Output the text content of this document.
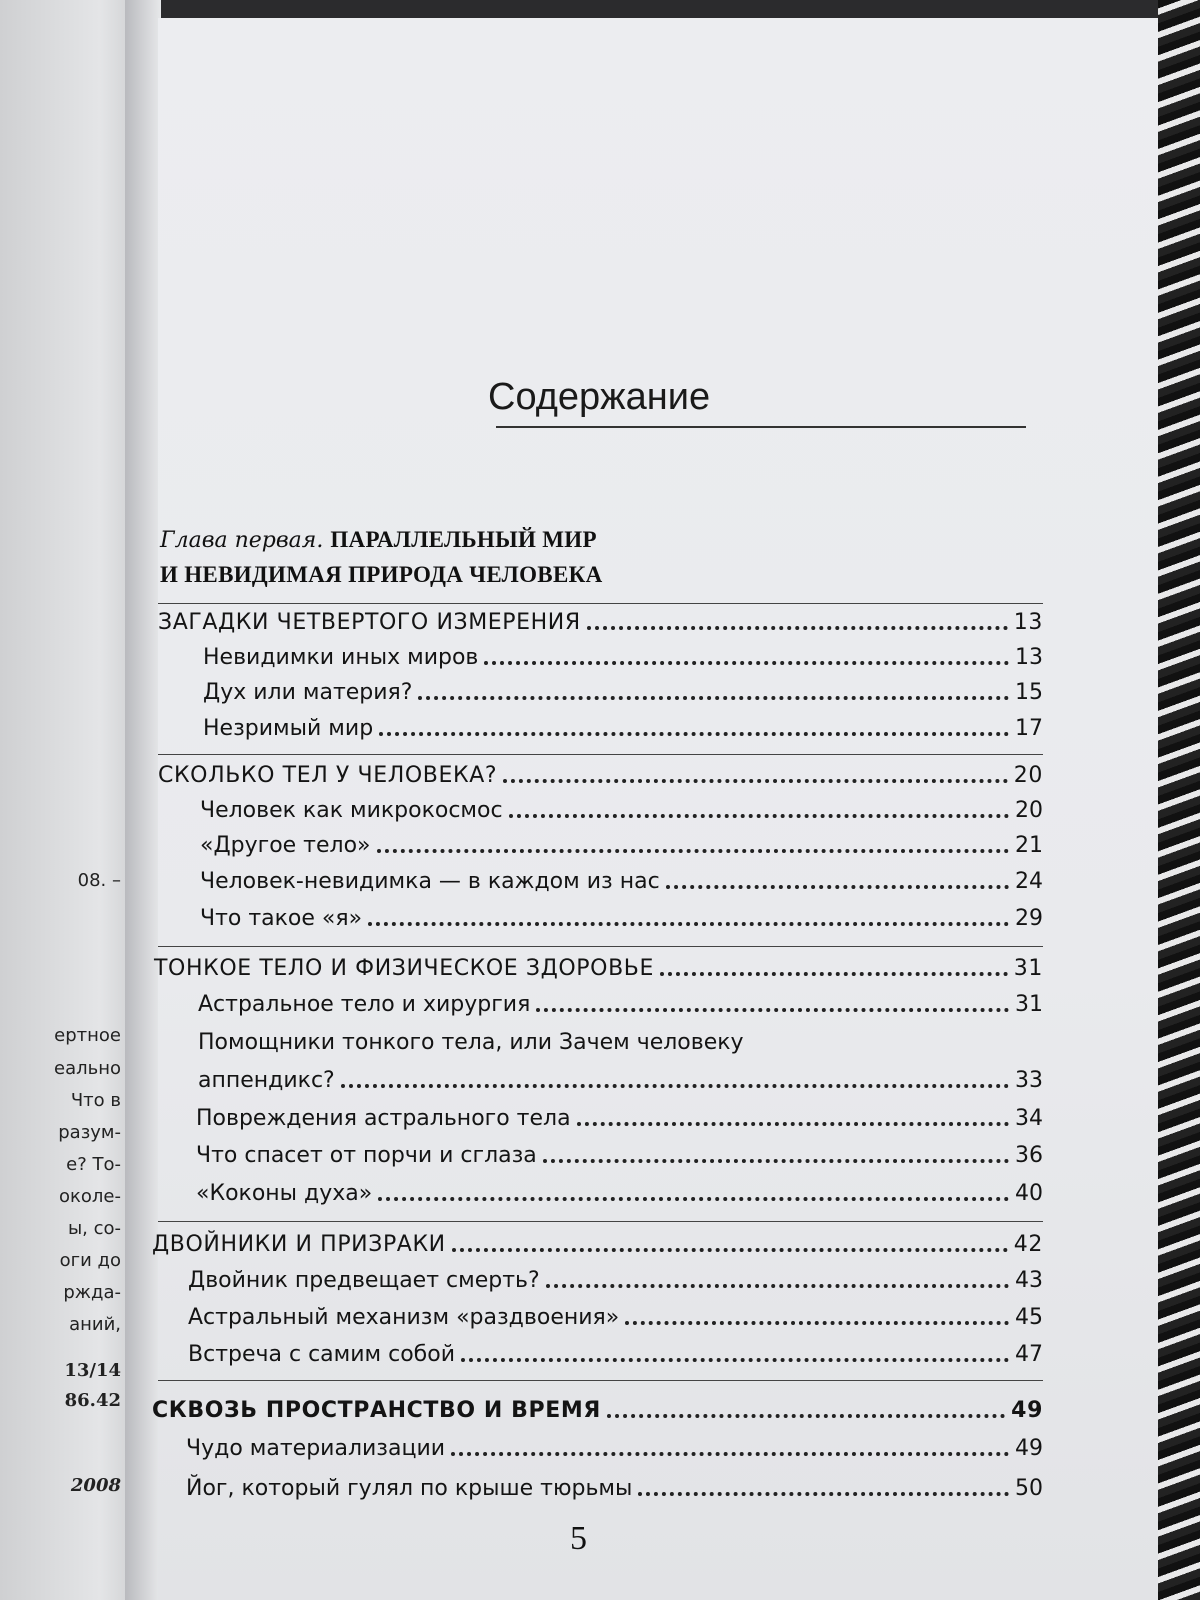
08. –
ертное
еально
Что в
разум-
е? То-
околе-
ы, со-
оги до
ржда-
аний,
13/14
86.42
2008
Содержание
Глава первая. ПАРАЛЛЕЛЬНЫЙ МИР
И НЕВИДИМАЯ ПРИРОДА ЧЕЛОВЕКА
ЗАГАДКИ ЧЕТВЕРТОГО ИЗМЕРЕНИЯ	13
Невидимки иных миров	13
Дух или материя?	15
Незримый мир	17
СКОЛЬКО ТЕЛ У ЧЕЛОВЕКА?	20
Человек как микрокосмос	20
«Другое тело»	21
Человек-невидимка — в каждом из нас	24
Что такое «я»	29
ТОНКОЕ ТЕЛО И ФИЗИЧЕСКОЕ ЗДОРОВЬЕ	31
Астральное тело и хирургия	31
Помощники тонкого тела, или Зачем человеку
аппендикс?	33
Повреждения астрального тела	34
Что спасет от порчи и сглаза	36
«Коконы духа»	40
ДВОЙНИКИ И ПРИЗРАКИ	42
Двойник предвещает смерть?	43
Астральный механизм «раздвоения»	45
Встреча с самим собой	47
СКВОЗЬ ПРОСТРАНСТВО И ВРЕМЯ	49
Чудо материализации	49
Йог, который гулял по крыше тюрьмы	50
5
